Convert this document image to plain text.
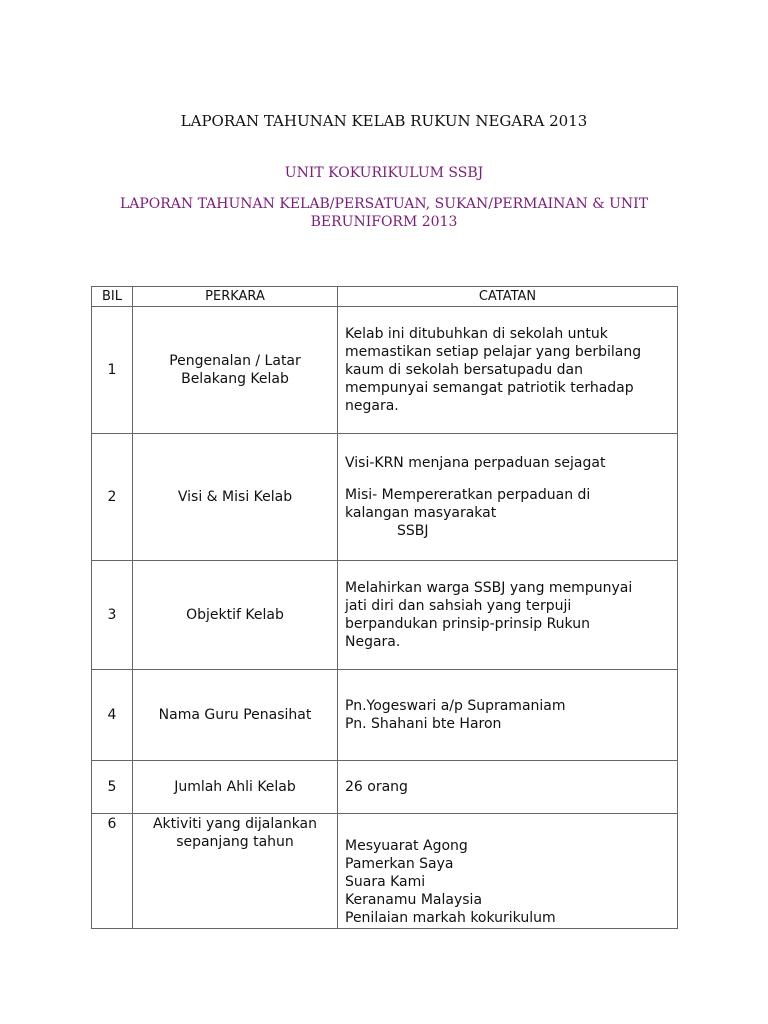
LAPORAN TAHUNAN KELAB RUKUN NEGARA 2013
UNIT KOKURIKULUM SSBJ
LAPORAN TAHUNAN KELAB/PERSATUAN, SUKAN/PERMAINAN & UNIT
BERUNIFORM 2013
BIL	PERKARA	CATATAN
1	Pengenalan / Latar
Belakang Kelab	Kelab ini ditubuhkan di sekolah untuk
memastikan setiap pelajar yang berbilang
kaum di sekolah bersatupadu dan
mempunyai semangat patriotik terhadap
negara.

2	Visi & Misi Kelab	Visi-KRN menjana perpaduan sejagat
Misi- Mempereratkan perpaduan di
kalangan masyarakat
SSBJ

3	Objektif Kelab	Melahirkan warga SSBJ yang mempunyai
jati diri dan sahsiah yang terpuji
berpandukan prinsip-prinsip Rukun
Negara.

4	Nama Guru Penasihat	Pn.Yogeswari a/p Supramaniam
Pn. Shahani bte Haron

5	Jumlah Ahli Kelab	26 orang

6	Aktiviti yang dijalankan
sepanjang tahun	Mesyuarat Agong
Pamerkan Saya
Suara Kami
Keranamu Malaysia
Penilaian markah kokurikulum
